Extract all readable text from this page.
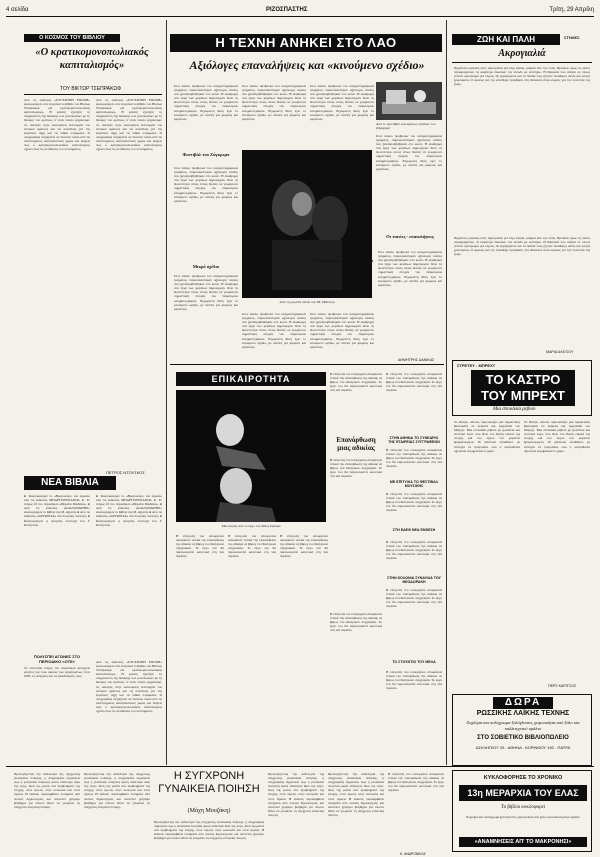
4 σελίδα	ΡΙΖΟΣΠΑΣΤΗΣ	Τρίτη, 29 Απρίλη
Ο ΚΟΣΜΟΣ ΤΟΥ ΒΙΒΛΙΟΥ
«Ο κρατικομονοπωλιακός καπιταλισμός»
ΤΟΥ ΒΙΚΤΩΡ ΤΣΕΠΡΑΚΩΦ
Από τις εκδόσεις «ΣΥΓΧΡΟΝΗ ΕΠΟΧΗ» κυκλοφόρησε στα ελληνικά το βιβλίο του Βίκτωρ Τσεπρακώφ «Ο κρατικομονοπωλιακός καπιταλισμός». Η μελέτη εξετάζει τη συγχώνευση της δύναμης των μονοπωλίων με τη δύναμη του κράτους σ' έναν ενιαίο μηχανισμό, τις αλλαγές στην οικονομική λειτουργία του αστικού κράτους και τις συνέπειες για την εργατική τάξη και τα λαϊκά στρώματα. Ο συγγραφέας στηρίζεται σε πλούσιο υλικό από τις αναπτυγμένες καπιταλιστικές χώρες και δείχνει πως ο κρατικομονοπωλιακός καπιταλισμός οξύνει όλες τις αντιθέσεις του συστήματος.
Από τις εκδόσεις «ΣΥΓΧΡΟΝΗ ΕΠΟΧΗ» κυκλοφόρησε στα ελληνικά το βιβλίο του Βίκτωρ Τσεπρακώφ «Ο κρατικομονοπωλιακός καπιταλισμός». Η μελέτη εξετάζει τη συγχώνευση της δύναμης των μονοπωλίων με τη δύναμη του κράτους σ' έναν ενιαίο μηχανισμό, τις αλλαγές στην οικονομική λειτουργία του αστικού κράτους και τις συνέπειες για την εργατική τάξη και τα λαϊκά στρώματα. Ο συγγραφέας στηρίζεται σε πλούσιο υλικό από τις αναπτυγμένες καπιταλιστικές χώρες και δείχνει πως ο κρατικομονοπωλιακός καπιταλισμός οξύνει όλες τις αντιθέσεις του συστήματος.
ΠΕΤΡΟΣ ΝΤΟΥΣΚΟΣ
ΝΕΑ ΒΙΒΛΙΑ
● Κυκλοφόρησε το «Ημερολόγιο του αγώνα» από τις εκδόσεις ΜΠΑΡΤΖΟΥΛΙΑΝΟΣ. ● Το τεύχος 16 του περιοδικού «Θέματα Παιδείας». ● Από τις εκδόσεις «ΚΑΣΤΑΝΙΩΤΗΣ» κυκλοφόρησε το βιβλίο της Μ. Αξιώτη. ● Από τις εκδόσεις «ΟΔΥΣΣΕΑΣ» νέα ποιητική συλλογή. ● Κυκλοφόρησε η ποιητική συλλογή του Γ. Κοτζιούλα.
● Κυκλοφόρησε το «Ημερολόγιο του αγώνα» από τις εκδόσεις ΜΠΑΡΤΖΟΥΛΙΑΝΟΣ. ● Το τεύχος 16 του περιοδικού «Θέματα Παιδείας». ● Από τις εκδόσεις «ΚΑΣΤΑΝΙΩΤΗΣ» κυκλοφόρησε το βιβλίο της Μ. Αξιώτη. ● Από τις εκδόσεις «ΟΔΥΣΣΕΑΣ» νέα ποιητική συλλογή. ● Κυκλοφόρησε η ποιητική συλλογή του Γ. Κοτζιούλα.
ΠΟΛΥΣΠΕΙ ΑΓΩΝΕΣ ΣΤΟ ΠΕΡΙΟΔΙΚΟ «ΟΤΕ»
Το τελευταίο τεύχος του περιοδικού φιλοξενεί μελέτες για τους αγώνες των εργαζομένων στον ΟΤΕ, τις απεργίες και τις διεκδικήσεις τους.
Από τις εκδόσεις «ΣΥΓΧΡΟΝΗ ΕΠΟΧΗ» κυκλοφόρησε στα ελληνικά το βιβλίο του Βίκτωρ Τσεπρακώφ «Ο κρατικομονοπωλιακός καπιταλισμός». Η μελέτη εξετάζει τη συγχώνευση της δύναμης των μονοπωλίων με τη δύναμη του κράτους σ' έναν ενιαίο μηχανισμό, τις αλλαγές στην οικονομική λειτουργία του αστικού κράτους και τις συνέπειες για την εργατική τάξη και τα λαϊκά στρώματα. Ο συγγραφέας στηρίζεται σε πλούσιο υλικό από τις αναπτυγμένες καπιταλιστικές χώρες και δείχνει πως ο κρατικομονοπωλιακός καπιταλισμός οξύνει όλες τις αντιθέσεις του συστήματος.
Η ΤΕΧΝΗ ΑΝΗΚΕΙ ΣΤΟ ΛΑΟ
Αξιόλογες επαναλήψεις και «κινούμενο σχέδιο»
Στον κύκλο προβολών του κινηματογραφικού τμήματος, παρουσιάστηκαν αξιόλογες ταινίες που ξαναπροβλήθηκαν στο κοινό. Η αναδρομή στα έργα των μεγάλων δημιουργών δίνει τη δυνατότητα στους νέους θεατές να γνωρίσουν σημαντικές στιγμές του παγκόσμιου κινηματογράφου. Ξεχωριστή θέση έχει το κινούμενο σχέδιο, με ταινίες για μικρούς και μεγάλους.
Στον κύκλο προβολών του κινηματογραφικού τμήματος, παρουσιάστηκαν αξιόλογες ταινίες που ξαναπροβλήθηκαν στο κοινό. Η αναδρομή στα έργα των μεγάλων δημιουργών δίνει τη δυνατότητα στους νέους θεατές να γνωρίσουν σημαντικές στιγμές του παγκόσμιου κινηματογράφου. Ξεχωριστή θέση έχει το κινούμενο σχέδιο, με ταινίες για μικρούς και μεγάλους.
Στον κύκλο προβολών του κινηματογραφικού τμήματος, παρουσιάστηκαν αξιόλογες ταινίες που ξαναπροβλήθηκαν στο κοινό. Η αναδρομή στα έργα των μεγάλων δημιουργών δίνει τη δυνατότητα στους νέους θεατές να γνωρίσουν σημαντικές στιγμές του παγκόσμιου κινηματογράφου. Ξεχωριστή θέση έχει το κινούμενο σχέδιο, με ταινίες για μικρούς και μεγάλους.
Από το φεστιβάλ κινουμένων σχεδίων του Ζάγκρεμπ
Στον κύκλο προβολών του κινηματογραφικού τμήματος, παρουσιάστηκαν αξιόλογες ταινίες που ξαναπροβλήθηκαν στο κοινό. Η αναδρομή στα έργα των μεγάλων δημιουργών δίνει τη δυνατότητα στους νέους θεατές να γνωρίσουν σημαντικές στιγμές του παγκόσμιου κινηματογράφου. Ξεχωριστή θέση έχει το κινούμενο σχέδιο, με ταινίες για μικρούς και μεγάλους.
Φεστιβάλ του Ζάγκρεμπ
Στον κύκλο προβολών του κινηματογραφικού τμήματος, παρουσιάστηκαν αξιόλογες ταινίες που ξαναπροβλήθηκαν στο κοινό. Η αναδρομή στα έργα των μεγάλων δημιουργών δίνει τη δυνατότητα στους νέους θεατές να γνωρίσουν σημαντικές στιγμές του παγκόσμιου κινηματογράφου. Ξεχωριστή θέση έχει το κινούμενο σχέδιο, με ταινίες για μικρούς και μεγάλους.
Από τη γνωστή ταινία του Μ. Σβέιτσερ
Μικρό σχέδιο
Στον κύκλο προβολών του κινηματογραφικού τμήματος, παρουσιάστηκαν αξιόλογες ταινίες που ξαναπροβλήθηκαν στο κοινό. Η αναδρομή στα έργα των μεγάλων δημιουργών δίνει τη δυνατότητα στους νέους θεατές να γνωρίσουν σημαντικές στιγμές του παγκόσμιου κινηματογράφου. Ξεχωριστή θέση έχει το κινούμενο σχέδιο, με ταινίες για μικρούς και μεγάλους.
Στον κύκλο προβολών του κινηματογραφικού τμήματος, παρουσιάστηκαν αξιόλογες ταινίες που ξαναπροβλήθηκαν στο κοινό. Η αναδρομή στα έργα των μεγάλων δημιουργών δίνει τη δυνατότητα στους νέους θεατές να γνωρίσουν σημαντικές στιγμές του παγκόσμιου κινηματογράφου. Ξεχωριστή θέση έχει το κινούμενο σχέδιο, με ταινίες για μικρούς και μεγάλους.
Στον κύκλο προβολών του κινηματογραφικού τμήματος, παρουσιάστηκαν αξιόλογες ταινίες που ξαναπροβλήθηκαν στο κοινό. Η αναδρομή στα έργα των μεγάλων δημιουργών δίνει τη δυνατότητα στους νέους θεατές να γνωρίσουν σημαντικές στιγμές του παγκόσμιου κινηματογράφου. Ξεχωριστή θέση έχει το κινούμενο σχέδιο, με ταινίες για μικρούς και μεγάλους.
Οι ταινίες - επαναλήψεις
Στον κύκλο προβολών του κινηματογραφικού τμήματος, παρουσιάστηκαν αξιόλογες ταινίες που ξαναπροβλήθηκαν στο κοινό. Η αναδρομή στα έργα των μεγάλων δημιουργών δίνει τη δυνατότητα στους νέους θεατές να γνωρίσουν σημαντικές στιγμές του παγκόσμιου κινηματογράφου. Ξεχωριστή θέση έχει το κινούμενο σχέδιο, με ταινίες για μικρούς και μεγάλους.
Η «Ανάστασια» του Μ. Σβέιτσερ
ΔΗΜΗΤΡΗΣ ΔΑΝΙΚΑΣ
ΕΠΙΚΑΙΡΟΤΗΤΑ
Μια σκηνή από το έργο του Σάκη Σερέφα
Η επιτροπή του υπουργείου αποφάσισε τελικά την επανόρθωση της αδικίας σε βάρος του θεατρικού συγγραφέα. Το έργο του θα παρουσιαστεί κανονικά στη νέα περίοδο.
Η επιτροπή του υπουργείου αποφάσισε τελικά την επανόρθωση της αδικίας σε βάρος του θεατρικού συγγραφέα. Το έργο του θα παρουσιαστεί κανονικά στη νέα περίοδο.
Επανόρθωση μιας αδικίας
Η επιτροπή του υπουργείου αποφάσισε τελικά την επανόρθωση της αδικίας σε βάρος του θεατρικού συγγραφέα. Το έργο του θα παρουσιαστεί κανονικά στη νέα περίοδο.
ΣΤΗΝ ΑΘΗΝΑ ΤΟ ΣΥΝΕΔΡΙΟ ΤΗΣ ΕΤΑΙΡΕΙΑΣ ΣΥΓΓΡΑΦΕΩΝ
Η επιτροπή του υπουργείου αποφάσισε τελικά την επανόρθωση της αδικίας σε βάρος του θεατρικού συγγραφέα. Το έργο του θα παρουσιαστεί κανονικά στη νέα περίοδο.
ΜΕ ΕΠΙΤΥΧΙΑ ΤΟ ΦΕΣΤΙΒΑΛ ΜΟΥΣΙΚΗΣ
Η επιτροπή του υπουργείου αποφάσισε τελικά την επανόρθωση της αδικίας σε βάρος του θεατρικού συγγραφέα. Το έργο του θα παρουσιαστεί κανονικά στη νέα περίοδο.
ΣΤΗ ΕΔΕΘ ΝΕΑ ΕΚΘΕΣΗ
Η επιτροπή του υπουργείου αποφάσισε τελικά την επανόρθωση της αδικίας σε βάρος του θεατρικού συγγραφέα. Το έργο του θα παρουσιαστεί κανονικά στη νέα περίοδο.
ΣΤΗΝ ΚΟΛΩΝΙΑ ΣΥΝΑΥΛΙΑ ΤΟΥ ΘΕΟΔΩΡΑΚΗ
Η επιτροπή του υπουργείου αποφάσισε τελικά την επανόρθωση της αδικίας σε βάρος του θεατρικού συγγραφέα. Το έργο του θα παρουσιαστεί κανονικά στη νέα περίοδο.
ΤΟ ΣΤΟΥΝΤΙΟ ΤΟΥ ΜΕΛΑ
Η επιτροπή του υπουργείου αποφάσισε τελικά την επανόρθωση της αδικίας σε βάρος του θεατρικού συγγραφέα. Το έργο του θα παρουσιαστεί κανονικά στη νέα περίοδο.
Η επιτροπή του υπουργείου αποφάσισε τελικά την επανόρθωση της αδικίας σε βάρος του θεατρικού συγγραφέα. Το έργο του θα παρουσιαστεί κανονικά στη νέα περίοδο.
Η επιτροπή του υπουργείου αποφάσισε τελικά την επανόρθωση της αδικίας σε βάρος του θεατρικού συγγραφέα. Το έργο του θα παρουσιαστεί κανονικά στη νέα περίοδο.
Η επιτροπή του υπουργείου αποφάσισε τελικά την επανόρθωση της αδικίας σε βάρος του θεατρικού συγγραφέα. Το έργο του θα παρουσιαστεί κανονικά στη νέα περίοδο.
Η επιτροπή του υπουργείου αποφάσισε τελικά την επανόρθωση της αδικίας σε βάρος του θεατρικού συγγραφέα. Το έργο του θα παρουσιαστεί κανονικά στη νέα περίοδο.
ΖΩΗ ΚΑΙ ΠΑΛΗ	ΣΤΗΛΕΣ
Ακρογιαλιά
Πηγαίνεις κυριακή στην ακρογιαλιά για λίγη ανάσα, μακριά από την πόλη. Βρίσκεις όμως τις ακτές περιφραγμένες, τα κάμπινγκ ιδιωτικά, την είσοδο με εισιτήριο. Η θάλασσα που ανήκει σε όλους γίνεται εμπόρευμα για λίγους. Οι εργαζόμενοι και τα παιδιά τους ζητούν ελεύθερες ακτές και φτηνή ξεκούραση. Ο αγώνας για την ελεύθερη πρόσβαση στη θάλασσα είναι αγώνας για την ποιότητα της ζωής.
Πηγαίνεις κυριακή στην ακρογιαλιά για λίγη ανάσα, μακριά από την πόλη. Βρίσκεις όμως τις ακτές περιφραγμένες, τα κάμπινγκ ιδιωτικά, την είσοδο με εισιτήριο. Η θάλασσα που ανήκει σε όλους γίνεται εμπόρευμα για λίγους. Οι εργαζόμενοι και τα παιδιά τους ζητούν ελεύθερες ακτές και φτηνή ξεκούραση. Ο αγώνας για την ελεύθερη πρόσβαση στη θάλασσα είναι αγώνας για την ποιότητα της ζωής.
ΜΑΡΙΑ ΑΛΕΞΙΟΥ
ΣΤΡΕΤΕΥ - ΜΠΡΕΧΤ
ΤΟ ΚΑΣΤΡΟ
ΤΟΥ ΜΠΡΕΧΤ
Μια σπουδαία ρεβιού
Το θέατρο «Στοά» παρουσιάζει μια παράσταση βασισμένη σε κείμενα και τραγούδια του Μπρεχτ. Μια σπουδαία ρεβιού με ζωντάνια και πολιτικό λόγο, που δίνει στο θεατή εικόνα της εποχής και του έργου του μεγάλου δραματουργού. Οι ηθοποιοί αποδίδουν με επιτυχία τα τραγούδια, ενώ η σκηνοθεσία αξιοποιεί ευρηματικά το χώρο.
Το θέατρο «Στοά» παρουσιάζει μια παράσταση βασισμένη σε κείμενα και τραγούδια του Μπρεχτ. Μια σπουδαία ρεβιού με ζωντάνια και πολιτικό λόγο, που δίνει στο θεατή εικόνα της εποχής και του έργου του μεγάλου δραματουργού. Οι ηθοποιοί αποδίδουν με επιτυχία τα τραγούδια, ενώ η σκηνοθεσία αξιοποιεί ευρηματικά το χώρο.
ΠΕΡΣ ΚΑΡΙΤΣΟΣ
Προλογίζοντας την ανθολογία της σύγχρονης γυναικείας ποίησης, η συγγραφέας σημειώνει πως η γυναικεία ποιητική φωνή απέκτησε δικό της λόγο, δική της ματιά στα προβλήματα της εποχής, στον έρωτα, στην κοινωνία και στον αγώνα. Η έκδοση περιλαμβάνει ποιήματα από πολλές δημιουργούς και αποτελεί χρήσιμο βοήθημα για όποιον θέλει να γνωρίσει τη σύγχρονη ελληνική ποίηση.
Προλογίζοντας την ανθολογία της σύγχρονης γυναικείας ποίησης, η συγγραφέας σημειώνει πως η γυναικεία ποιητική φωνή απέκτησε δικό της λόγο, δική της ματιά στα προβλήματα της εποχής, στον έρωτα, στην κοινωνία και στον αγώνα. Η έκδοση περιλαμβάνει ποιήματα από πολλές δημιουργούς και αποτελεί χρήσιμο βοήθημα για όποιον θέλει να γνωρίσει τη σύγχρονη ελληνική ποίηση.
Η ΣΥΓΧΡΟΝΗ ΓΥΝΑΙΚΕΙΑ ΠΟΙΗΣΗ
(Μάχη Μουζάκη)
Προλογίζοντας την ανθολογία της σύγχρονης γυναικείας ποίησης, η συγγραφέας σημειώνει πως η γυναικεία ποιητική φωνή απέκτησε δικό της λόγο, δική της ματιά στα προβλήματα της εποχής, στον έρωτα, στην κοινωνία και στον αγώνα. Η έκδοση περιλαμβάνει ποιήματα από πολλές δημιουργούς και αποτελεί χρήσιμο βοήθημα για όποιον θέλει να γνωρίσει τη σύγχρονη ελληνική ποίηση.
Προλογίζοντας την ανθολογία της σύγχρονης γυναικείας ποίησης, η συγγραφέας σημειώνει πως η γυναικεία ποιητική φωνή απέκτησε δικό της λόγο, δική της ματιά στα προβλήματα της εποχής, στον έρωτα, στην κοινωνία και στον αγώνα. Η έκδοση περιλαμβάνει ποιήματα από πολλές δημιουργούς και αποτελεί χρήσιμο βοήθημα για όποιον θέλει να γνωρίσει τη σύγχρονη ελληνική ποίηση.
Προλογίζοντας την ανθολογία της σύγχρονης γυναικείας ποίησης, η συγγραφέας σημειώνει πως η γυναικεία ποιητική φωνή απέκτησε δικό της λόγο, δική της ματιά στα προβλήματα της εποχής, στον έρωτα, στην κοινωνία και στον αγώνα. Η έκδοση περιλαμβάνει ποιήματα από πολλές δημιουργούς και αποτελεί χρήσιμο βοήθημα για όποιον θέλει να γνωρίσει τη σύγχρονη ελληνική ποίηση.
Η επιτροπή του υπουργείου αποφάσισε τελικά την επανόρθωση της αδικίας σε βάρος του θεατρικού συγγραφέα. Το έργο του θα παρουσιαστεί κανονικά στη νέα περίοδο.
Κ. ΑΝΔΡΟΝΙΚΑΣ
ΔΩΡΑ
ΡΩΣΣΙΚΗΣ ΛΑΪΚΗΣ ΤΕΧΝΗΣ
Χοχλόμα και πολύχρωμα ξυλόγλυπτα, χειροποίητα από ξύλο και καλλιτεχνικό σμάλτο
ΣΤΟ ΣΟΒΙΕΤΙΚΟ ΒΙΒΛΙΟΠΩΛΕΙΟ
ΑΣΚΛΗΠΙΟΥ 29 - ΑΘΗΝΑ - ΚΟΡΙΝΘΟΥ 192 - ΠΑΤΡΑ
ΚΥΚΛΟΦΟΡΗΣΕ ΤΟ ΧΡΟΝΙΚΟ
13η ΜΕΡΑΡΧΙΑ ΤΟΥ ΕΛΑΣ
Το βιβλίο κυκλοφορεί
Χοχλόμα και πολύχρωμα ξυλόγλυπτα, χειροποίητα από ξύλο και καλλιτεχνικό σμάλτο
«ΑΝΑΜΝΗΣΕΙΣ ΑΠ' ΤΟ ΜΑΚΡΟΝΗΣΙ»
